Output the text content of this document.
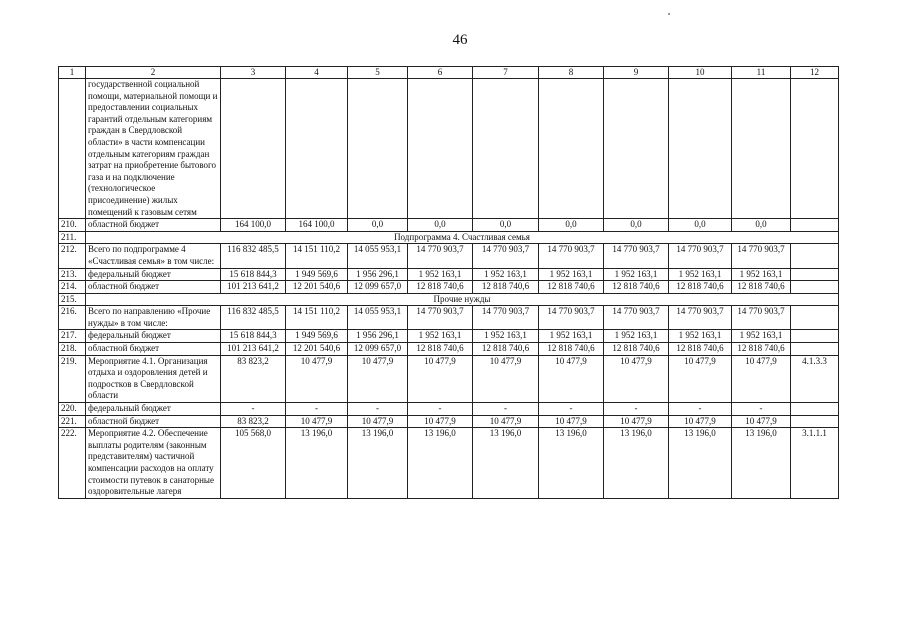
46
1	2	3	4	5	6	7	8	9	10	11	12
	государственной социальной помощи, материальной помощи и предоставлении социальных гарантий отдельным категориям граждан в Свердловской области» в части компенсации отдельным категориям граждан затрат на приобретение бытового газа и на подключение (технологическое присоединение) жилых помещений к газовым сетям										
210.	областной бюджет	164 100,0	164 100,0	0,0	0,0	0,0	0,0	0,0	0,0	0,0	
211.	Подпрограмма 4. Счастливая семья										
212.	Всего по подпрограмме 4 «Счастливая семья» в том числе:	116 832 485,5	14 151 110,2	14 055 953,1	14 770 903,7	14 770 903,7	14 770 903,7	14 770 903,7	14 770 903,7	14 770 903,7	
213.	федеральный бюджет	15 618 844,3	1 949 569,6	1 956 296,1	1 952 163,1	1 952 163,1	1 952 163,1	1 952 163,1	1 952 163,1	1 952 163,1	
214.	областной бюджет	101 213 641,2	12 201 540,6	12 099 657,0	12 818 740,6	12 818 740,6	12 818 740,6	12 818 740,6	12 818 740,6	12 818 740,6	
215.	Прочие нужды										
216.	Всего по направлению «Прочие нужды» в том числе:	116 832 485,5	14 151 110,2	14 055 953,1	14 770 903,7	14 770 903,7	14 770 903,7	14 770 903,7	14 770 903,7	14 770 903,7	
217.	федеральный бюджет	15 618 844,3	1 949 569,6	1 956 296,1	1 952 163,1	1 952 163,1	1 952 163,1	1 952 163,1	1 952 163,1	1 952 163,1	
218.	областной бюджет	101 213 641,2	12 201 540,6	12 099 657,0	12 818 740,6	12 818 740,6	12 818 740,6	12 818 740,6	12 818 740,6	12 818 740,6	
219.	Мероприятие 4.1. Организация отдыха и оздоровления детей и подростков в Свердловской области	83 823,2	10 477,9	10 477,9	10 477,9	10 477,9	10 477,9	10 477,9	10 477,9	10 477,9	4.1.3.3
220.	федеральный бюджет	-	-	-	-	-	-	-	-	-	
221.	областной бюджет	83 823,2	10 477,9	10 477,9	10 477,9	10 477,9	10 477,9	10 477,9	10 477,9	10 477,9	
222.	Мероприятие 4.2. Обеспечение выплаты родителям (законным представителям) частичной компенсации расходов на оплату стоимости путевок в санаторные оздоровительные лагеря	105 568,0	13 196,0	13 196,0	13 196,0	13 196,0	13 196,0	13 196,0	13 196,0	13 196,0	3.1.1.1
